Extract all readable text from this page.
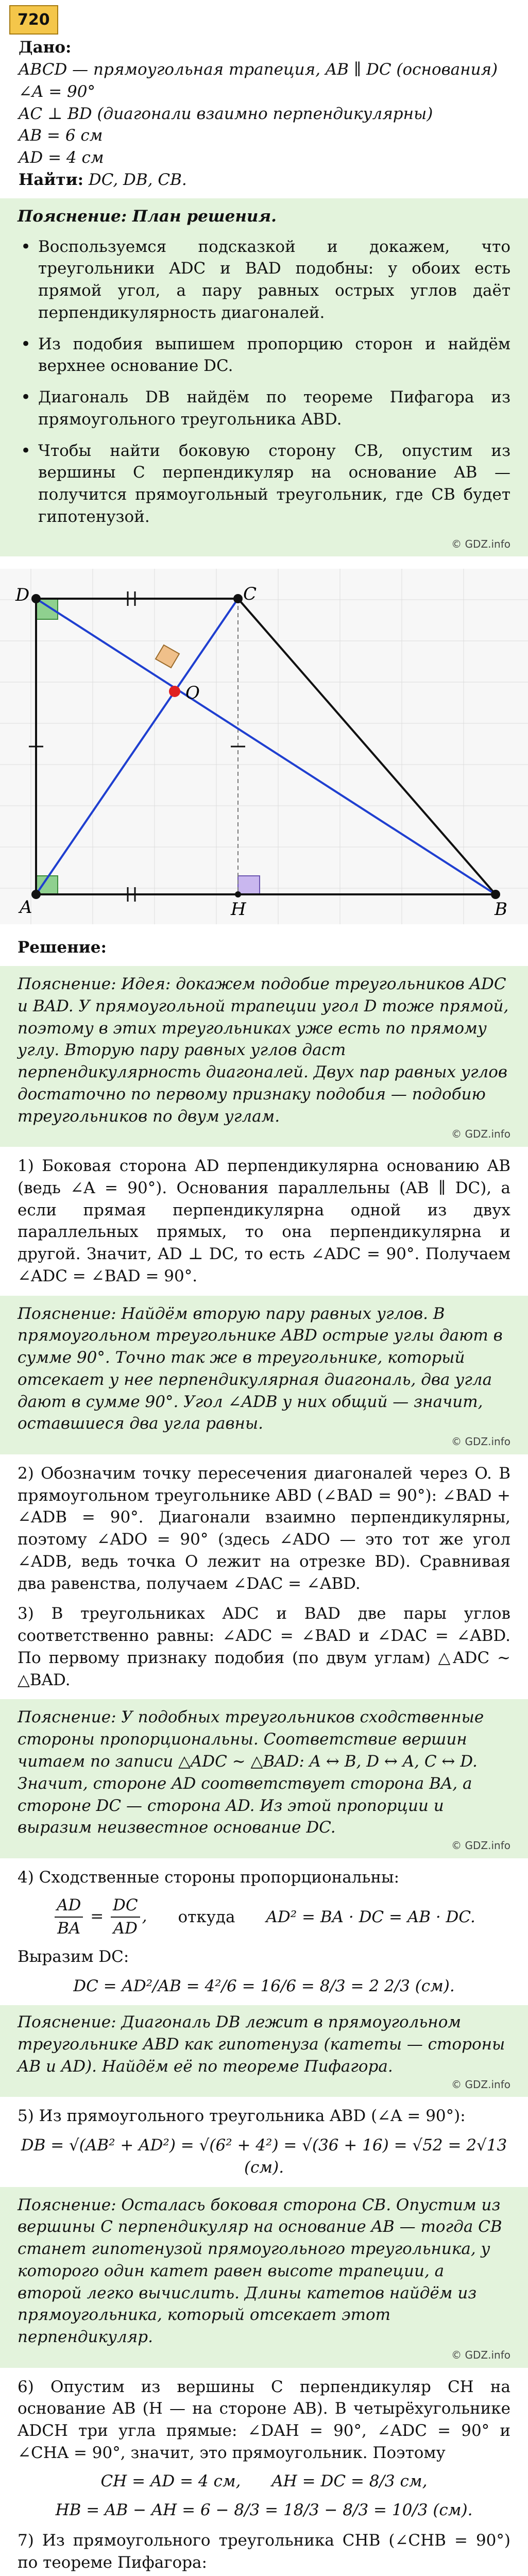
720
Дано:
ABCD — прямоугольная трапеция, AB ∥ DC (основания)
∠A = 90°
AC ⊥ BD (диагонали взаимно перпендикулярны)
AB = 6 см
AD = 4 см
Найти: DC, DB, CB.
Пояснение: План решения.
• Воспользуемся подсказкой и докажем, что треугольники ADC и BAD подобны: у обоих есть прямой угол, а пару равных острых углов даёт перпендикулярность диагоналей.
• Из подобия выпишем пропорцию сторон и найдём верхнее основание DC.
• Диагональ DB найдём по теореме Пифагора из прямоугольного треугольника ABD.
• Чтобы найти боковую сторону CB, опустим из вершины C перпендикуляр на основание AB — получится прямоугольный треугольник, где CB будет гипотенузой.
© GDZ.info
D	C
O
A	H	B
Решение:
Пояснение: Идея: докажем подобие треугольников ADC и BAD. У прямоугольной трапеции угол D тоже прямой, поэтому в этих треугольниках уже есть по прямому углу. Вторую пару равных углов даст перпендикулярность диагоналей. Двух пар равных углов достаточно по первому признаку подобия — подобию треугольников по двум углам.
© GDZ.info
1) Боковая сторона AD перпендикулярна основанию AB (ведь ∠A = 90°). Основания параллельны (AB ∥ DC), а если прямая перпендикулярна одной из двух параллельных прямых, то она перпендикулярна и другой. Значит, AD ⊥ DC, то есть ∠ADC = 90°. Получаем ∠ADC = ∠BAD = 90°.
Пояснение: Найдём вторую пару равных углов. В прямоугольном треугольнике ABD острые углы дают в сумме 90°. Точно так же в треугольнике, который отсекает у нее перпендикулярная диагональ, два угла дают в сумме 90°. Угол ∠ADB у них общий — значит, оставшиеся два угла равны.
© GDZ.info
2) Обозначим точку пересечения диагоналей через O. В прямоугольном треугольнике ABD (∠BAD = 90°): ∠BAD + ∠ADB = 90°. Диагонали взаимно перпендикулярны, поэтому ∠ADO = 90° (здесь ∠ADO — это тот же угол ∠ADB, ведь точка O лежит на отрезке BD). Сравнивая два равенства, получаем ∠DAC = ∠ABD.
3) В треугольниках ADC и BAD две пары углов соответственно равны: ∠ADC = ∠BAD и ∠DAC = ∠ABD. По первому признаку подобия (по двум углам) △ADC ∼ △BAD.
Пояснение: У подобных треугольников сходственные стороны пропорциональны. Соответствие вершин читаем по записи △ADC ∼ △BAD: A ↔ B, D ↔ A, C ↔ D. Значит, стороне AD соответствует сторона BA, а стороне DC — сторона AD. Из этой пропорции и выразим неизвестное основание DC.
© GDZ.info
4) Сходственные стороны пропорциональны:
$\frac{AD}{BA} = \frac{DC}{AD}$ , откуда AD² = BA · DC = AB · DC.
Выразим DC:
DC = AD²/AB = 4²/6 = 16/6 = 8/3 = 2 2/3 (см).
Пояснение: Диагональ DB лежит в прямоугольном треугольнике ABD как гипотенуза (катеты — стороны AB и AD). Найдём её по теореме Пифагора.
© GDZ.info
5) Из прямоугольного треугольника ABD (∠A = 90°):
DB = √(AB² + AD²) = √(6² + 4²) = √(36 + 16) = √52 = 2√13 (см).
Пояснение: Осталась боковая сторона CB. Опустим из вершины C перпендикуляр на основание AB — тогда CB станет гипотенузой прямоугольного треугольника, у которого один катет равен высоте трапеции, а второй легко вычислить. Длины катетов найдём из прямоугольника, который отсекает этот перпендикуляр.
© GDZ.info
6) Опустим из вершины C перпендикуляр CH на основание AB (H — на стороне AB). В четырёхугольнике ADCH три угла прямые: ∠DAH = 90°, ∠ADC = 90° и ∠CHA = 90°, значит, это прямоугольник. Поэтому
CH = AD = 4 см, AH = DC = 8/3 см,
HB = AB − AH = 6 − 8/3 = 18/3 − 8/3 = 10/3 (см).
7) Из прямоугольного треугольника CHB (∠CHB = 90°) по теореме Пифагора:
